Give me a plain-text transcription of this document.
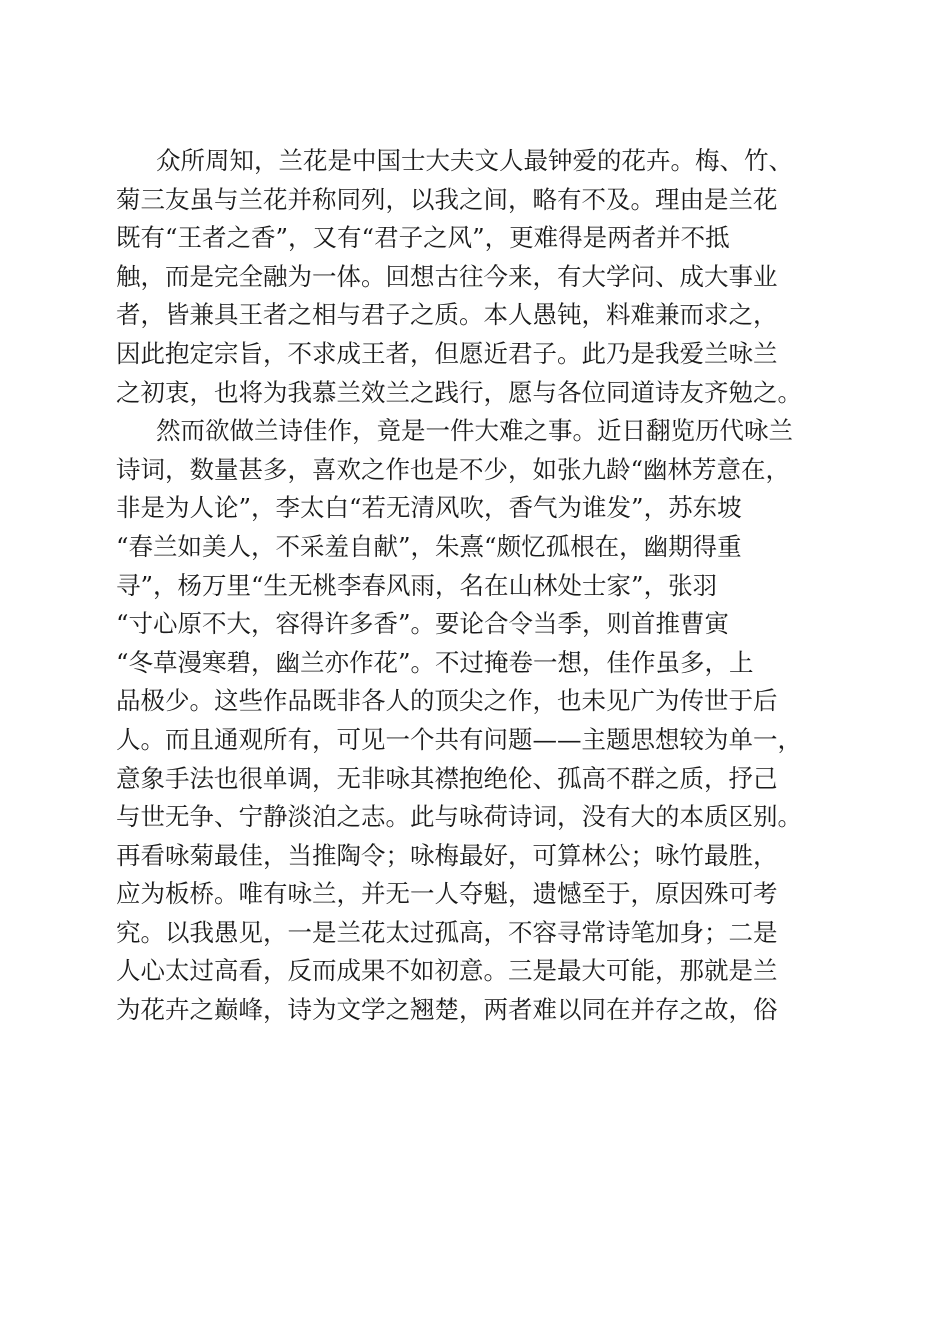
众所周知，兰花是中国士大夫文人最钟爱的花卉。梅、竹、
菊三友虽与兰花并称同列，以我之间，略有不及。理由是兰花
既有“王者之香”，又有“君子之风”，更难得是两者并不抵
触，而是完全融为一体。回想古往今来，有大学问、成大事业
者，皆兼具王者之相与君子之质。本人愚钝，料难兼而求之，
因此抱定宗旨，不求成王者，但愿近君子。此乃是我爱兰咏兰
之初衷，也将为我慕兰效兰之践行，愿与各位同道诗友齐勉之。
然而欲做兰诗佳作，竟是一件大难之事。近日翻览历代咏兰
诗词，数量甚多，喜欢之作也是不少，如张九龄“幽林芳意在，
非是为人论”，李太白“若无清风吹，香气为谁发”，苏东坡
“春兰如美人，不采羞自献”，朱熹“颇忆孤根在，幽期得重
寻”，杨万里“生无桃李春风雨，名在山林处士家”，张羽
“寸心原不大，容得许多香”。要论合令当季，则首推曹寅
“冬草漫寒碧，幽兰亦作花”。不过掩卷一想，佳作虽多，上
品极少。这些作品既非各人的顶尖之作，也未见广为传世于后
人。而且通观所有，可见一个共有问题——主题思想较为单一，
意象手法也很单调，无非咏其襟抱绝伦、孤高不群之质，抒己
与世无争、宁静淡泊之志。此与咏荷诗词，没有大的本质区别。
再看咏菊最佳，当推陶令；咏梅最好，可算林公；咏竹最胜，
应为板桥。唯有咏兰，并无一人夺魁，遗憾至于，原因殊可考
究。以我愚见，一是兰花太过孤高，不容寻常诗笔加身；二是
人心太过高看，反而成果不如初意。三是最大可能，那就是兰
为花卉之巅峰，诗为文学之翘楚，两者难以同在并存之故，俗
